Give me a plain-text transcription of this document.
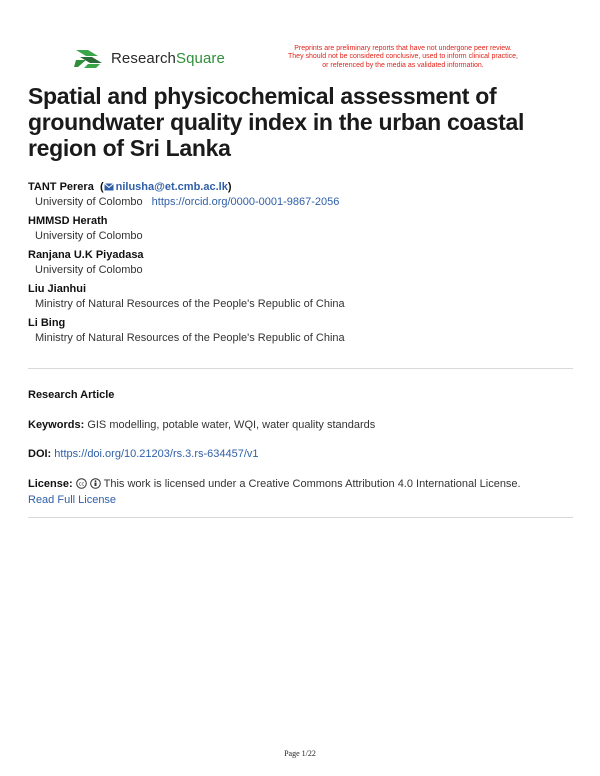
ResearchSquare
Preprints are preliminary reports that have not undergone peer review.
They should not be considered conclusive, used to inform clinical practice,
or referenced by the media as validated information.
Spatial and physicochemical assessment of groundwater quality index in the urban coastal region of Sri Lanka
TANT Perera  ( nilusha@et.cmb.ac.lk)
University of Colombo https://orcid.org/0000-0001-9867-2056
HMMSD Herath
University of Colombo
Ranjana U.K Piyadasa
University of Colombo
Liu Jianhui
Ministry of Natural Resources of the People's Republic of China
Li Bing
Ministry of Natural Resources of the People's Republic of China
Research Article
Keywords: GIS modelling, potable water, WQI, water quality standards
DOI: https://doi.org/10.21203/rs.3.rs-634457/v1
License: cc This work is licensed under a Creative Commons Attribution 4.0 International License.
Read Full License
Page 1/22
